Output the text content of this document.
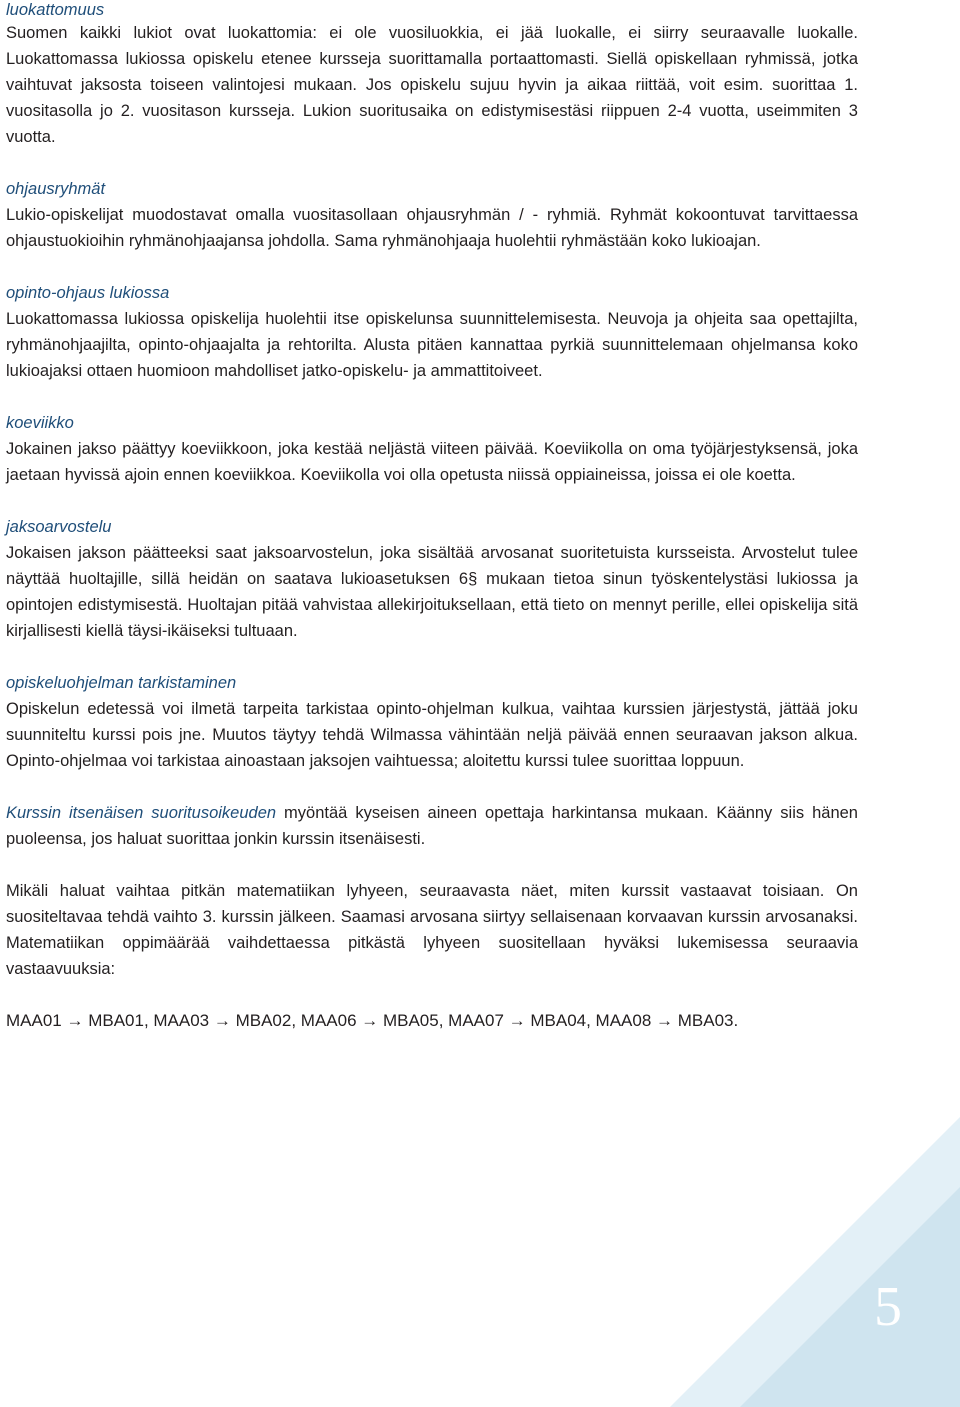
luokattomuus

Suomen kaikki lukiot ovat luokattomia: ei ole vuosiluokkia, ei jää luokalle, ei siirry seuraavalle luokalle. Luokattomassa lukiossa opiskelu etenee kursseja suorittamalla portaattomasti. Siellä opiskellaan ryhmissä, jotka vaihtuvat jaksosta toiseen valintojesi mukaan. Jos opiskelu sujuu hyvin ja aikaa riittää, voit esim. suorittaa 1. vuositasolla jo 2. vuositason kursseja. Lukion suoritusaika on edistymisestäsi riippuen 2-4 vuotta, useimmiten 3 vuotta.

ohjausryhmät

Lukio-opiskelijat muodostavat omalla vuositasollaan ohjausryhmän / - ryhmiä. Ryhmät kokoontuvat tarvittaessa ohjaustuokioihin ryhmänohjaajansa johdolla. Sama ryhmänohjaaja huolehtii ryhmästään koko lukioajan.

opinto-ohjaus lukiossa

Luokattomassa lukiossa opiskelija huolehtii itse opiskelunsa suunnittelemisesta. Neuvoja ja ohjeita saa opettajilta, ryhmänohjaajilta, opinto-ohjaajalta ja rehtorilta. Alusta pitäen kannattaa pyrkiä suunnittelemaan ohjelmansa koko lukioajaksi ottaen huomioon mahdolliset jatko-opiskelu- ja ammattitoiveet.

koeviikko

Jokainen jakso päättyy koeviikkoon, joka kestää neljästä viiteen päivää. Koeviikolla on oma työjärjestyksensä, joka jaetaan hyvissä ajoin ennen koeviikkoa. Koeviikolla voi olla opetusta niissä oppiaineissa, joissa ei ole koetta.

jaksoarvostelu

Jokaisen jakson päätteeksi saat jaksoarvostelun, joka sisältää arvosanat suoritetuista kursseista. Arvostelut tulee näyttää huoltajille, sillä heidän on saatava lukioasetuksen 6§ mukaan tietoa sinun työskentelystäsi lukiossa ja opintojen edistymisestä. Huoltajan pitää vahvistaa allekirjoituksellaan, että tieto on mennyt perille, ellei opiskelija sitä kirjallisesti kiellä täysi-ikäiseksi tultuaan.

opiskeluohjelman tarkistaminen

Opiskelun edetessä voi ilmetä tarpeita tarkistaa opinto-ohjelman kulkua, vaihtaa kurssien järjestystä, jättää joku suunniteltu kurssi pois jne. Muutos täytyy tehdä Wilmassa vähintään neljä päivää ennen seuraavan jakson alkua. Opinto-ohjelmaa voi tarkistaa ainoastaan jaksojen vaihtuessa; aloitettu kurssi tulee suorittaa loppuun.

Kurssin itsenäisen suoritusoikeuden myöntää kyseisen aineen opettaja harkintansa mukaan. Käänny siis hänen puoleensa, jos haluat suorittaa jonkin kurssin itsenäisesti.

Mikäli haluat vaihtaa pitkän matematiikan lyhyeen, seuraavasta näet, miten kurssit vastaavat toisiaan. On suositeltavaa tehdä vaihto 3. kurssin jälkeen. Saamasi arvosana siirtyy sellaisenaan korvaavan kurssin arvosanaksi. Matematiikan oppimäärää vaihdettaessa pitkästä lyhyeen suositellaan hyväksi lukemisessa seuraavia vastaavuuksia:

MAA01 → MBA01, MAA03 → MBA02, MAA06 → MBA05, MAA07 → MBA04, MAA08 → MBA03.

5
